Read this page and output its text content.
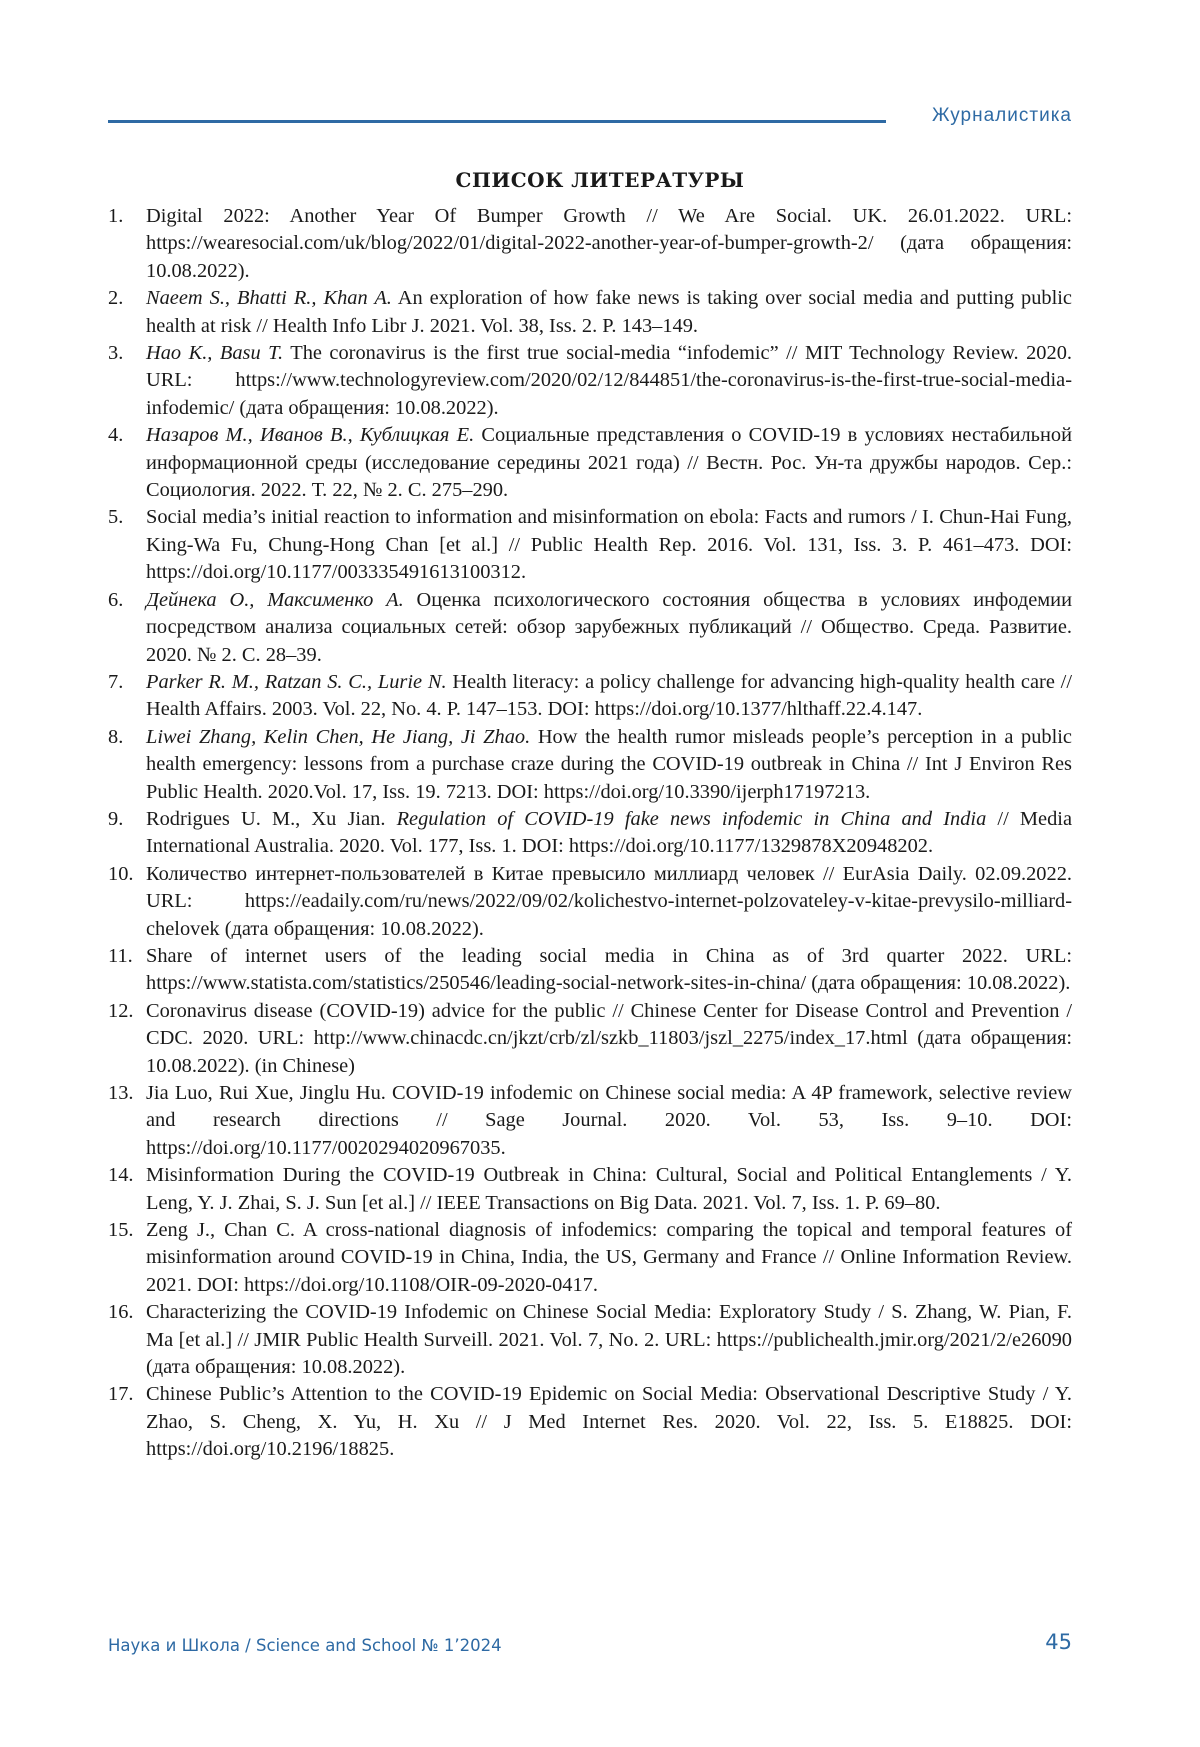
Журналистика
СПИСОК ЛИТЕРАТУРЫ
1. Digital 2022: Another Year Of Bumper Growth // We Are Social. UK. 26.01.2022. URL: https://wearesocial.com/uk/blog/2022/01/digital-2022-another-year-of-bumper-growth-2/ (дата обращения: 10.08.2022).
2. Naeem S., Bhatti R., Khan A. An exploration of how fake news is taking over social media and putting public health at risk // Health Info Libr J. 2021. Vol. 38, Iss. 2. P. 143–149.
3. Hao K., Basu T. The coronavirus is the first true social-media “infodemic” // MIT Technology Review. 2020. URL: https://www.technologyreview.com/2020/02/12/844851/the-coronavirus-is-the-first-true-social-media-infodemic/ (дата обращения: 10.08.2022).
4. Назаров М., Иванов В., Кублицкая Е. Социальные представления о COVID-19 в условиях нестабильной информационной среды (исследование середины 2021 года) // Вестн. Рос. Ун-та дружбы народов. Сер.: Социология. 2022. Т. 22, № 2. С. 275–290.
5. Social media’s initial reaction to information and misinformation on ebola: Facts and rumors / I. Chun-Hai Fung, King-Wa Fu, Chung-Hong Chan [et al.] // Public Health Rep. 2016. Vol. 131, Iss. 3. P. 461–473. DOI: https://doi.org/10.1177/003335491613100312.
6. Дейнека О., Максименко А. Оценка психологического состояния общества в условиях инфодемии посредством анализа социальных сетей: обзор зарубежных публикаций // Общество. Среда. Развитие. 2020. № 2. С. 28–39.
7. Parker R. M., Ratzan S. C., Lurie N. Health literacy: a policy challenge for advancing high-quality health care // Health Affairs. 2003. Vol. 22, No. 4. P. 147–153. DOI: https://doi.org/10.1377/hlthaff.22.4.147.
8. Liwei Zhang, Kelin Chen, He Jiang, Ji Zhao. How the health rumor misleads people’s perception in a public health emergency: lessons from a purchase craze during the COVID-19 outbreak in China // Int J Environ Res Public Health. 2020.Vol. 17, Iss. 19. 7213. DOI: https://doi.org/10.3390/ijerph17197213.
9. Rodrigues U. M., Xu Jian. Regulation of COVID-19 fake news infodemic in China and India // Media International Australia. 2020. Vol. 177, Iss. 1. DOI: https://doi.org/10.1177/1329878X20948202.
10. Количество интернет-пользователей в Китае превысило миллиард человек // EurAsia Daily. 02.09.2022. URL: https://eadaily.com/ru/news/2022/09/02/kolichestvo-internet-polzovateley-v-kitae-prevysilo-milliard-chelovek (дата обращения: 10.08.2022).
11. Share of internet users of the leading social media in China as of 3rd quarter 2022. URL: https://www.statista.com/statistics/250546/leading-social-network-sites-in-china/ (дата обращения: 10.08.2022).
12. Coronavirus disease (COVID-19) advice for the public // Chinese Center for Disease Control and Prevention / CDC. 2020. URL: http://www.chinacdc.cn/jkzt/crb/zl/szkb_11803/jszl_2275/index_17.html (дата обращения: 10.08.2022). (in Chinese)
13. Jia Luo, Rui Xue, Jinglu Hu. COVID-19 infodemic on Chinese social media: A 4P framework, selective review and research directions // Sage Journal. 2020. Vol. 53, Iss. 9–10. DOI: https://doi.org/10.1177/0020294020967035.
14. Misinformation During the COVID-19 Outbreak in China: Cultural, Social and Political Entanglements / Y. Leng, Y. J. Zhai, S. J. Sun [et al.] // IEEE Transactions on Big Data. 2021. Vol. 7, Iss. 1. P. 69–80.
15. Zeng J., Chan C. A cross-national diagnosis of infodemics: comparing the topical and temporal features of misinformation around COVID-19 in China, India, the US, Germany and France // Online Information Review. 2021. DOI: https://doi.org/10.1108/OIR-09-2020-0417.
16. Characterizing the COVID-19 Infodemic on Chinese Social Media: Exploratory Study / S. Zhang, W. Pian, F. Ma [et al.] // JMIR Public Health Surveill. 2021. Vol. 7, No. 2. URL: https://publichealth.jmir.org/2021/2/e26090 (дата обращения: 10.08.2022).
17. Chinese Public’s Attention to the COVID-19 Epidemic on Social Media: Observational Descriptive Study / Y. Zhao, S. Cheng, X. Yu, H. Xu // J Med Internet Res. 2020. Vol. 22, Iss. 5. E18825. DOI: https://doi.org/10.2196/18825.
Наука и Школа / Science and School № 1’2024	45
